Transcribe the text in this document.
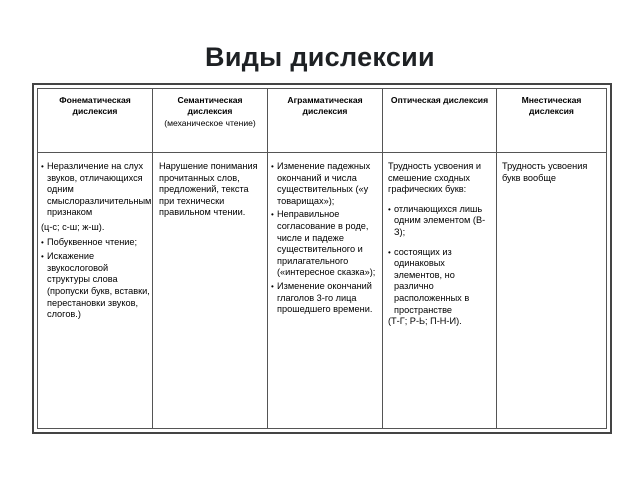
Виды дислексии
Фонематическая дислексия
• Неразличение на слух звуков, отличающихся одним смыслоразличительным признаком

(ц-с; с-ш; ж-ш).

• Побуквенное чтение;
• Искажение звукослоговой структуры слова (пропуски букв, вставки, перестановки звуков, слогов.)
Семантическая дислексия
(механическое чтение)
Нарушение понимания прочитанных слов, предложений, текста при технически правильном чтении.
Аграмматическая дислексия
• Изменение падежных окончаний и числа существительных («у товарищах»);
• Неправильное согласование в роде, числе и падеже существительного и прилагательного («интересное сказка»);
• Изменение окончаний глаголов 3-го лица прошедшего времени.
Оптическая дислексия

Трудность усвоения и смешение сходных графических букв:

• отличающихся лишь одним элементом (В-З);
• состоящих из одинаковых элементов, но различно расположенных в пространстве

(Т-Г; Р-Ь; П-Н-И).

Мнестическая дислексия
Трудность усвоения букв вообще
